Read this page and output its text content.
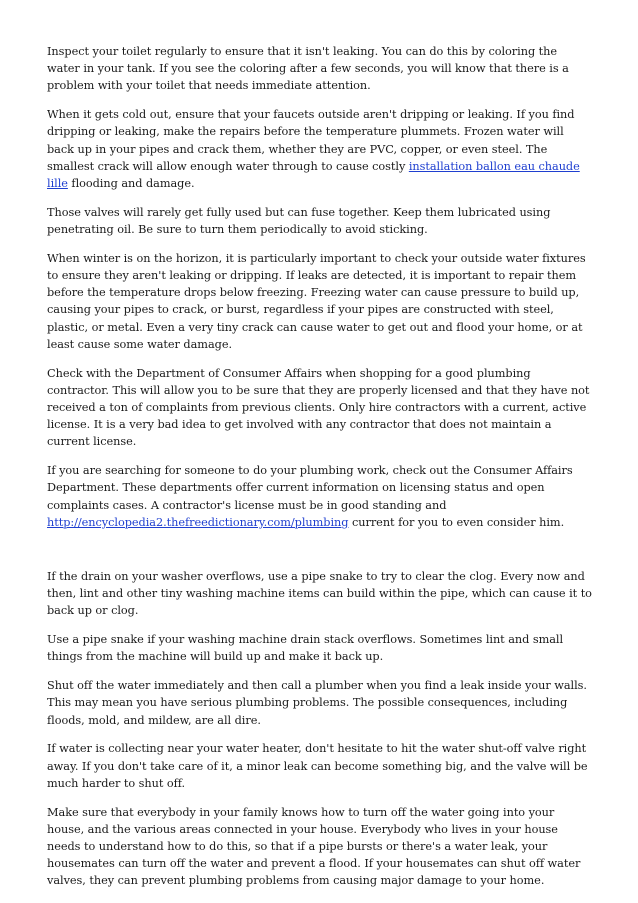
Inspect your toilet regularly to ensure that it isn't leaking. You can do this by coloring the water in your tank. If you see the coloring after a few seconds, you will know that there is a problem with your toilet that needs immediate attention.

When it gets cold out, ensure that your faucets outside aren't dripping or leaking. If you find dripping or leaking, make the repairs before the temperature plummets. Frozen water will back up in your pipes and crack them, whether they are PVC, copper, or even steel. The smallest crack will allow enough water through to cause costly installation ballon eau chaude lille flooding and damage.

Those valves will rarely get fully used but can fuse together. Keep them lubricated using penetrating oil. Be sure to turn them periodically to avoid sticking.

When winter is on the horizon, it is particularly important to check your outside water fixtures to ensure they aren't leaking or dripping. If leaks are detected, it is important to repair them before the temperature drops below freezing. Freezing water can cause pressure to build up, causing your pipes to crack, or burst, regardless if your pipes are constructed with steel, plastic, or metal. Even a very tiny crack can cause water to get out and flood your home, or at least cause some water damage.

Check with the Department of Consumer Affairs when shopping for a good plumbing contractor. This will allow you to be sure that they are properly licensed and that they have not received a ton of complaints from previous clients. Only hire contractors with a current, active license. It is a very bad idea to get involved with any contractor that does not maintain a current license.

If you are searching for someone to do your plumbing work, check out the Consumer Affairs Department. These departments offer current information on licensing status and open complaints cases. A contractor's license must be in good standing and http://encyclopedia2.thefreedictionary.com/plumbing current for you to even consider him.

If the drain on your washer overflows, use a pipe snake to try to clear the clog. Every now and then, lint and other tiny washing machine items can build within the pipe, which can cause it to back up or clog.

Use a pipe snake if your washing machine drain stack overflows. Sometimes lint and small things from the machine will build up and make it back up.

Shut off the water immediately and then call a plumber when you find a leak inside your walls. This may mean you have serious plumbing problems. The possible consequences, including floods, mold, and mildew, are all dire.

If water is collecting near your water heater, don't hesitate to hit the water shut-off valve right away. If you don't take care of it, a minor leak can become something big, and the valve will be much harder to shut off.

Make sure that everybody in your family knows how to turn off the water going into your house, and the various areas connected in your house. Everybody who lives in your house needs to understand how to do this, so that if a pipe bursts or there's a water leak, your housemates can turn off the water and prevent a flood. If your housemates can shut off water valves, they can prevent plumbing problems from causing major damage to your home.
